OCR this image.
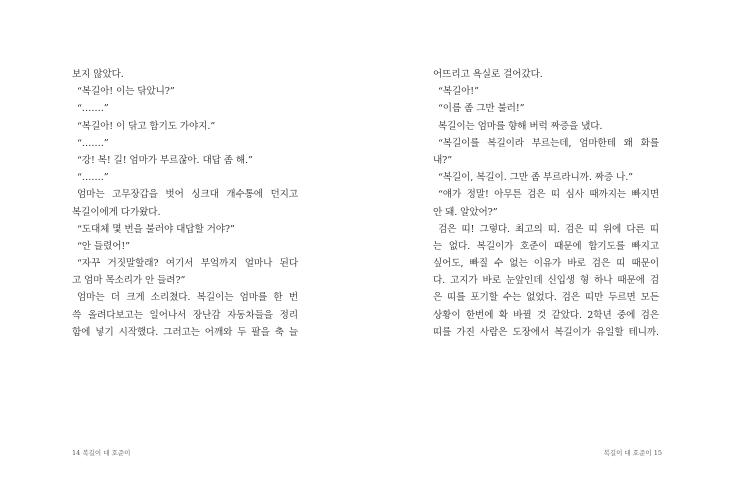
보지 않았다.
“복길아! 이는 닦았니?”
“…….”
“복길아! 이 닦고 합기도 가야지.”
“…….”
“강! 복! 길! 엄마가 부르잖아. 대답 좀 해.”
“…….”
엄마는 고무장갑을 벗어 싱크대 개수통에 던지고
복길이에게 다가왔다.
“도대체 몇 번을 불러야 대답할 거야?”
“안 들렸어!”
“자꾸 거짓말할래? 여기서 부엌까지 얼마나 된다
고 엄마 목소리가 안 들려?”
엄마는 더 크게 소리쳤다. 복길이는 엄마를 한 번
쓱 올려다보고는 일어나서 장난감 자동차들을 정리
함에 넣기 시작했다. 그러고는 어깨와 두 팔을 축 늘
14 복길이 대 호준이
어뜨리고 욕실로 걸어갔다.
“복길아!”
“이름 좀 그만 불러!”
복길이는 엄마를 향해 버럭 짜증을 냈다.
“복길이를 복길이라 부르는데, 엄마한테 왜 화를
내?”
“복길이, 복길이. 그만 좀 부르라니까. 짜증 나.”
“얘가 정말! 아무튼 검은 띠 심사 때까지는 빠지면
안 돼. 알았어?”
검은 띠! 그렇다. 최고의 띠. 검은 띠 위에 다른 띠
는 없다. 복길이가 호준이 때문에 합기도를 빠지고
싶어도, 빠질 수 없는 이유가 바로 검은 띠 때문이
다. 고지가 바로 눈앞인데 신입생 형 하나 때문에 검
은 띠를 포기할 수는 없었다. 검은 띠만 두르면 모든
상황이 한번에 확 바뀔 것 같았다. 2학년 중에 검은
띠를 가진 사람은 도장에서 복길이가 유일할 테니까.
복길이 대 호준이 15
